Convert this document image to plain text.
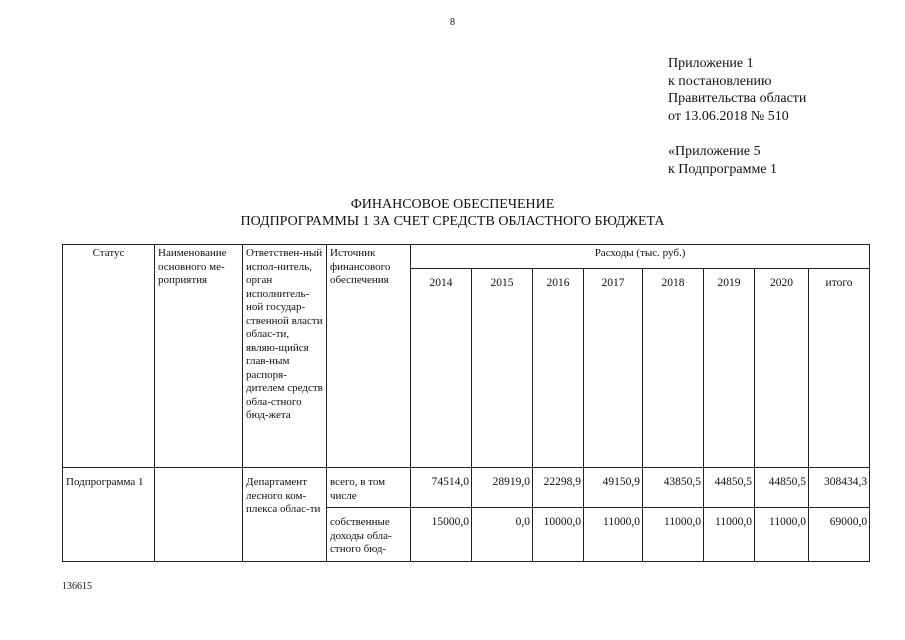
8
Приложение 1
к постановлению
Правительства области
от 13.06.2018 № 510
«Приложение 5
к Подпрограмме 1
ФИНАНСОВОЕ ОБЕСПЕЧЕНИЕ
ПОДПРОГРАММЫ 1 ЗА СЧЕТ СРЕДСТВ ОБЛАСТНОГО БЮДЖЕТА
Статус	Наименование основного ме-роприятия	Ответствен-ный испол-нитель, орган исполнитель-ной государ-ственной власти облас-ти, являю-щийся глав-ным распоря-дителем средств обла-стного бюд-жета	Источник финансового обеспечения	Расходы (тыс. руб.)							
				2014	2015	2016	2017	2018	2019	2020	итого
Подпрограмма 1		Департамент лесного ком-плекса облас-ти	всего, в том числе	74514,0	28919,0	22298,9	49150,9	43850,5	44850,5	44850,5	308434,3
			собственные доходы обла-стного бюд-	15000,0	0,0	10000,0	11000,0	11000,0	11000,0	11000,0	69000,0
136615
